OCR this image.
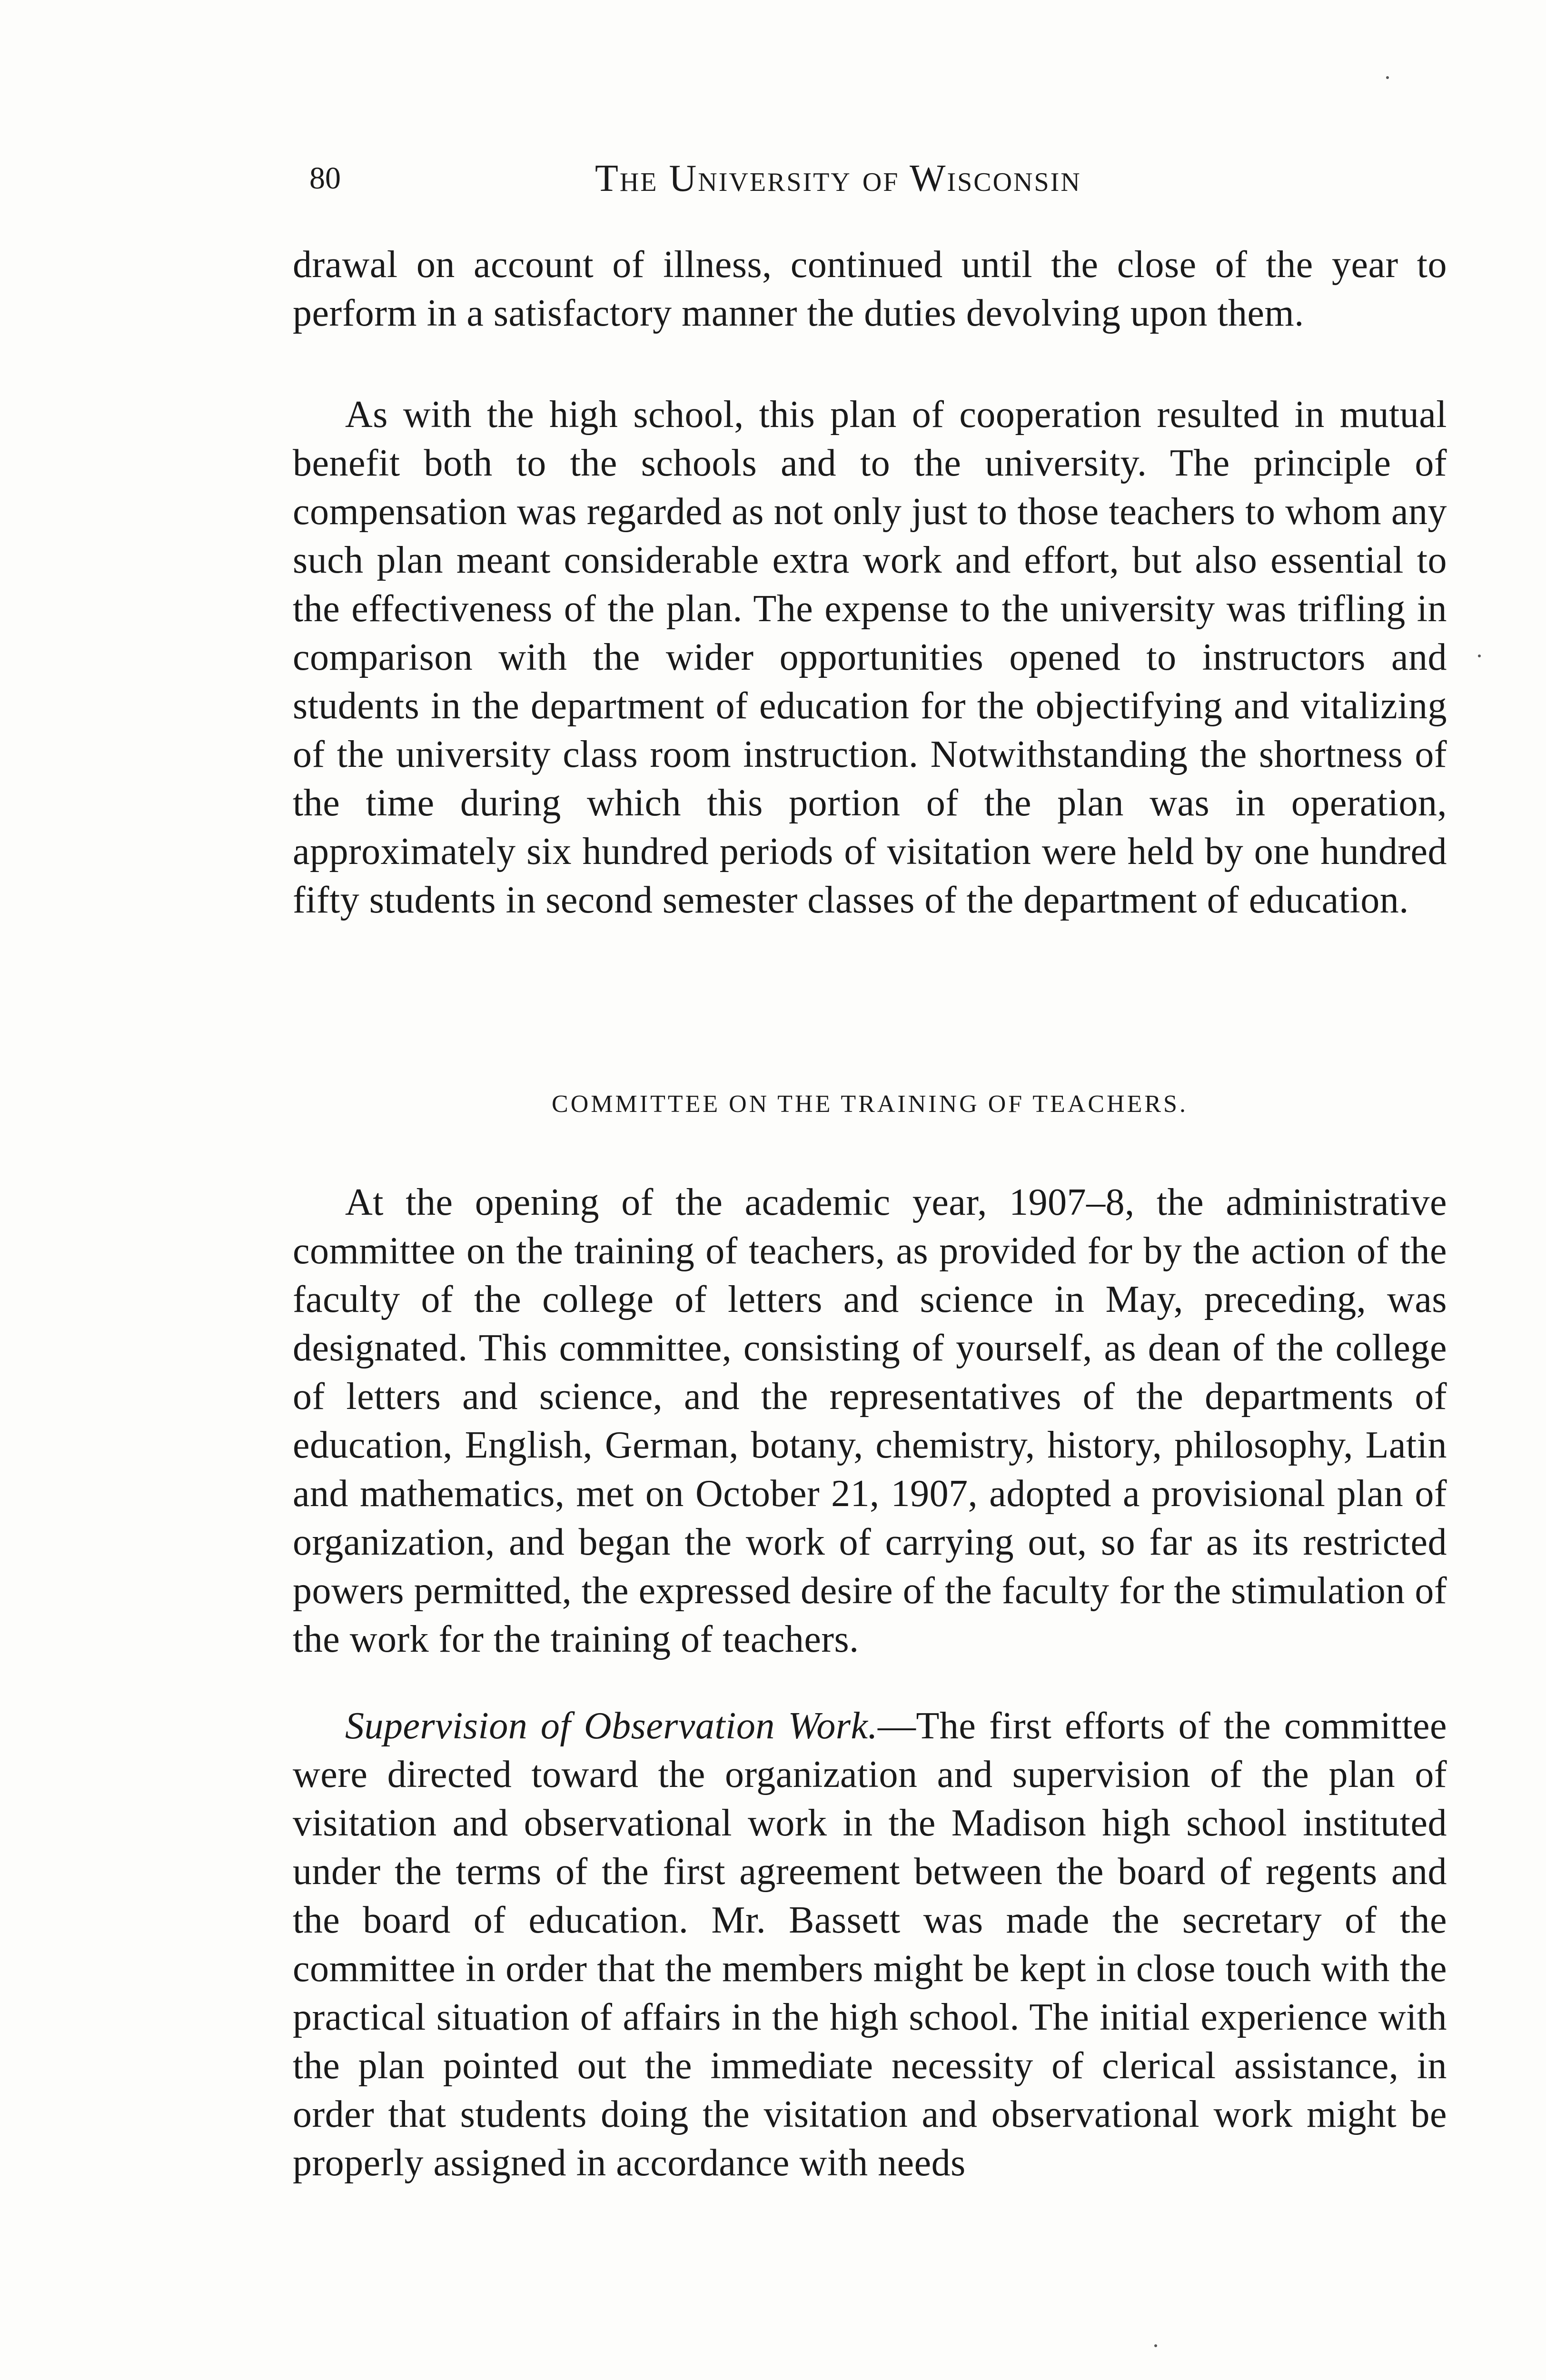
80	The University of Wisconsin

drawal on account of illness, continued until the close of the year to perform in a satisfactory manner the duties devolving upon them.

As with the high school, this plan of cooperation resulted in mutual benefit both to the schools and to the university. The principle of compensation was regarded as not only just to those teachers to whom any such plan meant considerable extra work and effort, but also essential to the effectiveness of the plan. The expense to the university was trifling in comparison with the wider opportunities opened to instructors and students in the department of education for the objectifying and vitalizing of the university class room instruction. Notwithstanding the shortness of the time during which this portion of the plan was in operation, approximately six hundred periods of visitation were held by one hundred fifty students in second semester classes of the department of education.

COMMITTEE ON THE TRAINING OF TEACHERS.

At the opening of the academic year, 1907–8, the administrative committee on the training of teachers, as provided for by the action of the faculty of the college of letters and science in May, preceding, was designated. This committee, consisting of yourself, as dean of the college of letters and science, and the representatives of the departments of education, English, German, botany, chemistry, history, philosophy, Latin and mathematics, met on October 21, 1907, adopted a provisional plan of organization, and began the work of carrying out, so far as its restricted powers permitted, the expressed desire of the faculty for the stimulation of the work for the training of teachers.

Supervision of Observation Work.—The first efforts of the committee were directed toward the organization and supervision of the plan of visitation and observational work in the Madison high school instituted under the terms of the first agreement between the board of regents and the board of education. Mr. Bassett was made the secretary of the committee in order that the members might be kept in close touch with the practical situation of affairs in the high school. The initial experience with the plan pointed out the immediate necessity of clerical assistance, in order that students doing the visitation and observational work might be properly assigned in accordance with needs
